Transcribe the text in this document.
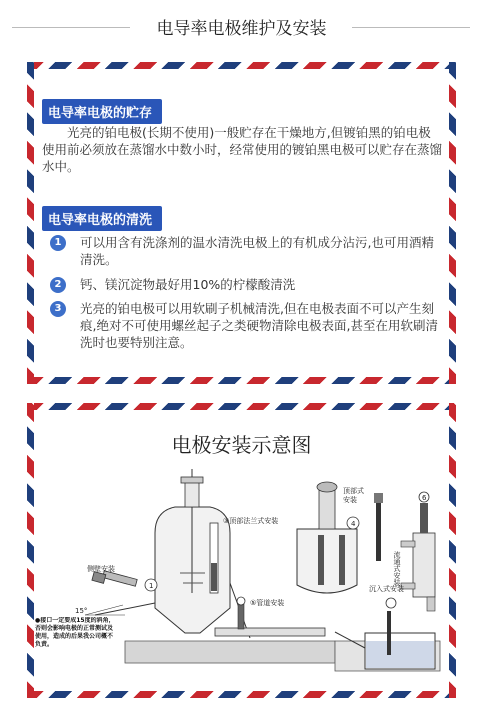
电导率电极维护及安装
电导率电极的贮存
光亮的铂电极(长期不使用)一般贮存在干燥地方,但镀铂黑的铂电极使用前必须放在蒸馏水中数小时，经常使用的镀铂黑电极可以贮存在蒸馏水中。
电导率电极的清洗
1	可以用含有洗涤剂的温水清洗电极上的有机成分沾污,也可用酒精清洗。
2	钙、镁沉淀物最好用10%的柠檬酸清洗
3	光亮的铂电极可以用软刷子机械清洗,但在电极表面不可以产生刻痕,绝对不可使用螺丝起子之类硬物清除电极表面,甚至在用软刷清洗时也要特别注意。
电极安装示意图
1
4
6
③顶部法兰式安装
侧壁安装
15°
⑤管道安装
顶部式
安装
沉入式安装
流通式安装
●接口一定要成15度的斜角，否则会影响电极的正常测试及使用，造成的后果我公司概不负责。
